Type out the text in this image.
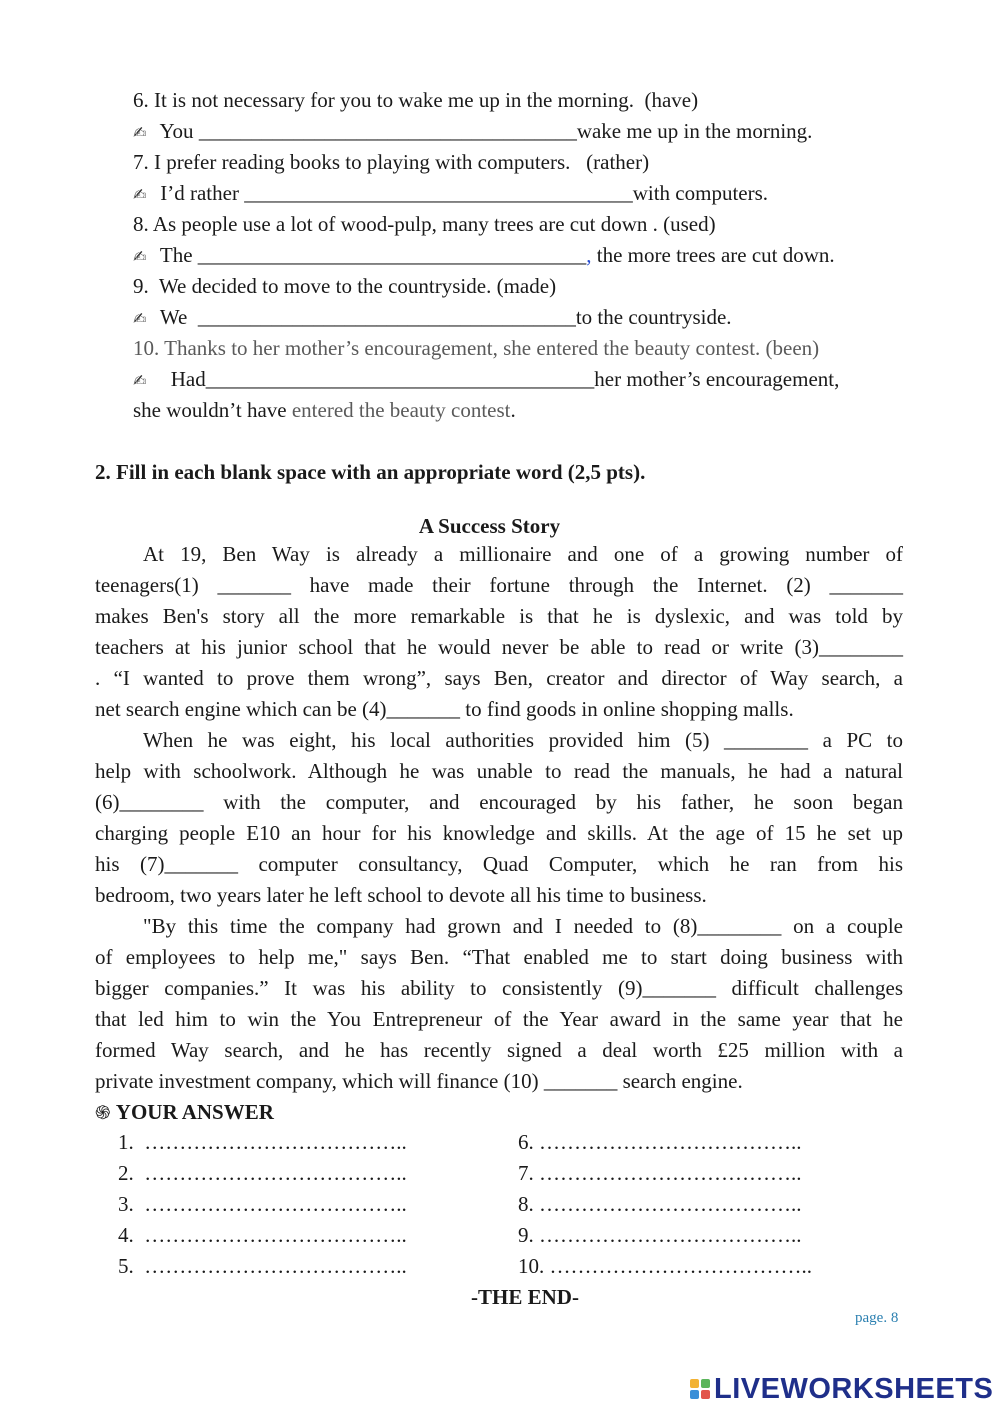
6. It is not necessary for you to wake me up in the morning. (have)
✍ You ____________________________________wake me up in the morning.
7. I prefer reading books to playing with computers. (rather)
✍ I’d rather _____________________________________with computers.
8. As people use a lot of wood-pulp, many trees are cut down . (used)
✍ The _____________________________________, the more trees are cut down.
9. We decided to move to the countryside. (made)
✍ We ____________________________________to the countryside.
10. Thanks to her mother’s encouragement, she entered the beauty contest. (been)
✍ Had_____________________________________her mother’s encouragement,
she wouldn’t have entered the beauty contest.
2. Fill in each blank space with an appropriate word (2,5 pts).
A Success Story
At 19, Ben Way is already a millionaire and one of a growing number of
teenagers(1) _______ have made their fortune through the Internet. (2) _______
makes Ben's story all the more remarkable is that he is dyslexic, and was told by
teachers at his junior school that he would never be able to read or write (3)________
. “I wanted to prove them wrong”, says Ben, creator and director of Way search, a
net search engine which can be (4)_______ to find goods in online shopping malls.
When he was eight, his local authorities provided him (5) ________ a PC to
help with schoolwork. Although he was unable to read the manuals, he had a natural
(6)________ with the computer, and encouraged by his father, he soon began
charging people E10 an hour for his knowledge and skills. At the age of 15 he set up
his (7)_______ computer consultancy, Quad Computer, which he ran from his
bedroom, two years later he left school to devote all his time to business.
"By this time the company had grown and I needed to (8)________ on a couple
of employees to help me," says Ben. “That enabled me to start doing business with
bigger companies.” It was his ability to consistently (9)_______ difficult challenges
that led him to win the You Entrepreneur of the Year award in the same year that he
formed Way search, and he has recently signed a deal worth £25 million with a
private investment company, which will finance (10) _______ search engine.
֍ YOUR ANSWER
1. ………………………………..
2. ………………………………..
3. ………………………………..
4. ………………………………..
5. ………………………………..
6. ………………………………..
7. ………………………………..
8. ………………………………..
9. ………………………………..
10. ………………………………..
-THE END-
page. 8
LIVEWORKSHEETS
